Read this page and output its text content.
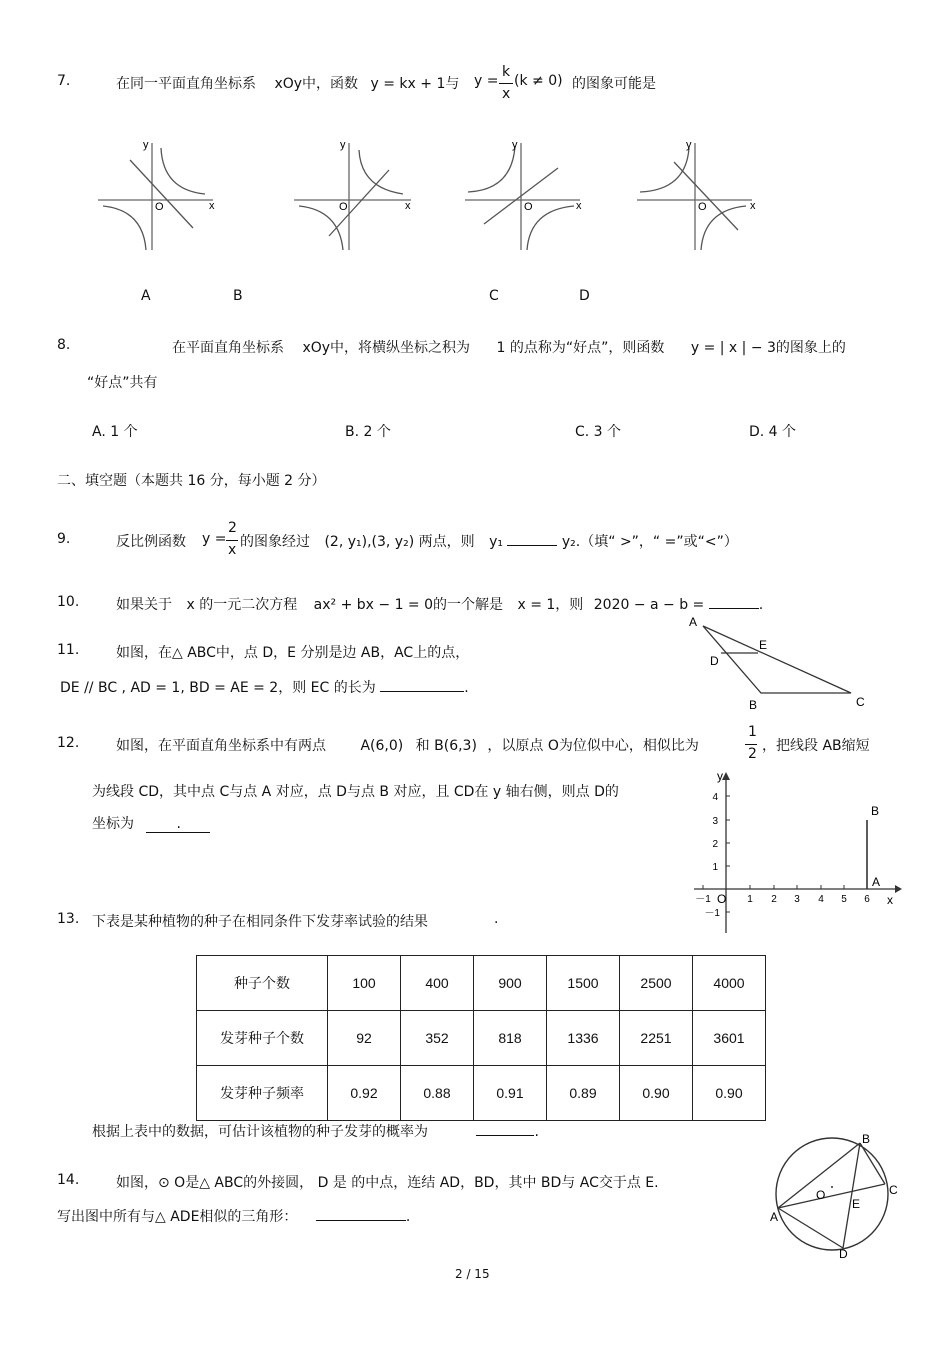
7.	在同一平面直角坐标系 xOy中，函数 y = kx + 1与 y =
k
x
(k ≠ 0) 的图象可能是
y
x
O
y
x
O
y
x
O
y
x
O
A	B	C	D
8.	在平面直角坐标系 xOy中，将横纵坐标之积为 1 的点称为“好点”，则函数 y = | x | − 3的图象上的
“好点”共有
A. 1 个	B. 2 个	C. 3 个	D. 4 个
二、填空题（本题共 16 分，每小题 2 分）
9.	反比例函数 y =
2
x 的图象经过 (2, y₁),(3, y₂) 两点，则 y₁	y₂.（填“ >”，“ =”或“<”）
10.	如果关于 x 的一元二次方程 ax² + bx − 1 = 0的一个解是 x = 1，则 2020 − a − b =	.
11.	如图，在△ ABC中，点 D，E 分别是边 AB，AC上的点，
DE // BC , AD = 1, BD = AE = 2，则 EC 的长为	.
A
E
D
B	C
12.	如图，在平面直角坐标系中有两点 A(6,0) 和 B(6,3) ，以原点 O为位似中心，相似比为
1
2 ，把线段 AB缩短
为线段 CD，其中点 C与点 A 对应，点 D与点 B 对应，且 CD在 y 轴右侧，则点 D的
坐标为	.
y
x
O
4
3
2
1
－1
－1	1 2 3 4 5 6
B
A
13. 下表是某种植物的种子在相同条件下发芽率试验的结果	.
种子个数	100	400	900	1500	2500	4000
发芽种子个数	92	352	818	1336	2251	3601
发芽种子频率	0.92	0.88	0.91	0.89	0.90	0.90
根据上表中的数据，可估计该植物的种子发芽的概率为	.
14.	如图，⊙ O是△ ABC的外接圆， D 是 的中点，连结 AD，BD，其中 BD与 AC交于点 E.
写出图中所有与△ ADE相似的三角形：	.
B
C
O
E
A
D
2 / 15
